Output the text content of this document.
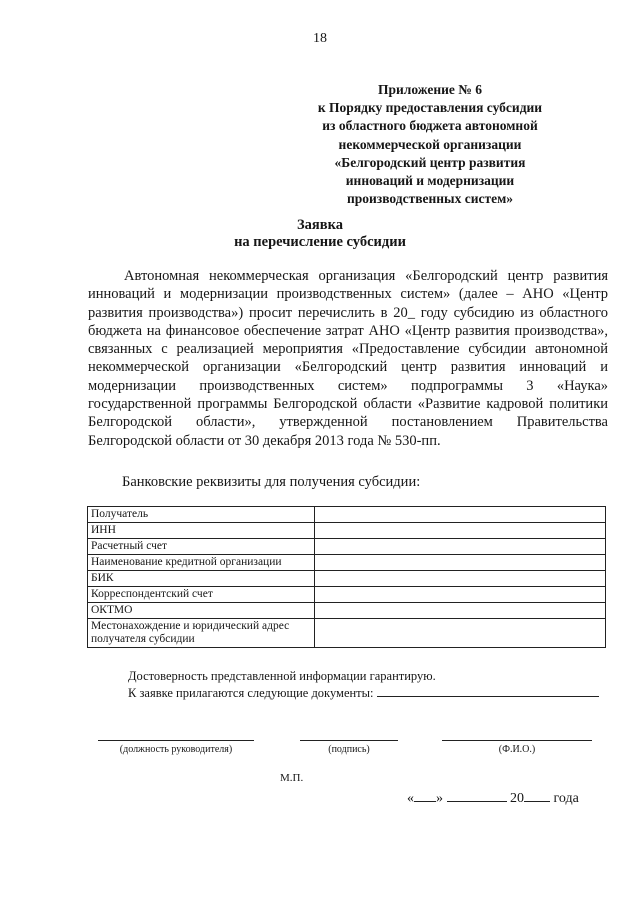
18
Приложение № 6
к Порядку предоставления субсидии
из областного бюджета автономной
некоммерческой организации
«Белгородский центр развития
инноваций и модернизации
производственных систем»
Заявка
на перечисление субсидии
Автономная некоммерческая организация «Белгородский центр развития инноваций и модернизации производственных систем» (далее – АНО «Центр развития производства») просит перечислить в 20_ году субсидию из областного бюджета на финансовое обеспечение затрат АНО «Центр развития производства», связанных с реализацией мероприятия «Предоставление субсидии автономной некоммерческой организации «Белгородский центр развития инноваций и модернизации производственных систем» подпрограммы 3 «Наука» государственной программы Белгородской области «Развитие кадровой политики Белгородской области», утвержденной постановлением Правительства Белгородской области от 30 декабря 2013 года № 530-пп.
Банковские реквизиты для получения субсидии:
Получатель	
ИНН	
Расчетный счет	
Наименование кредитной организации	
БИК	
Корреспондентский счет	
ОКТМО	
Местонахождение и юридический адрес получателя субсидии	
Достоверность представленной информации гарантирую.
К заявке прилагаются следующие документы:
(должность руководителя)	(подпись)	(Ф.И.О.)
М.П.
« »	20 года
